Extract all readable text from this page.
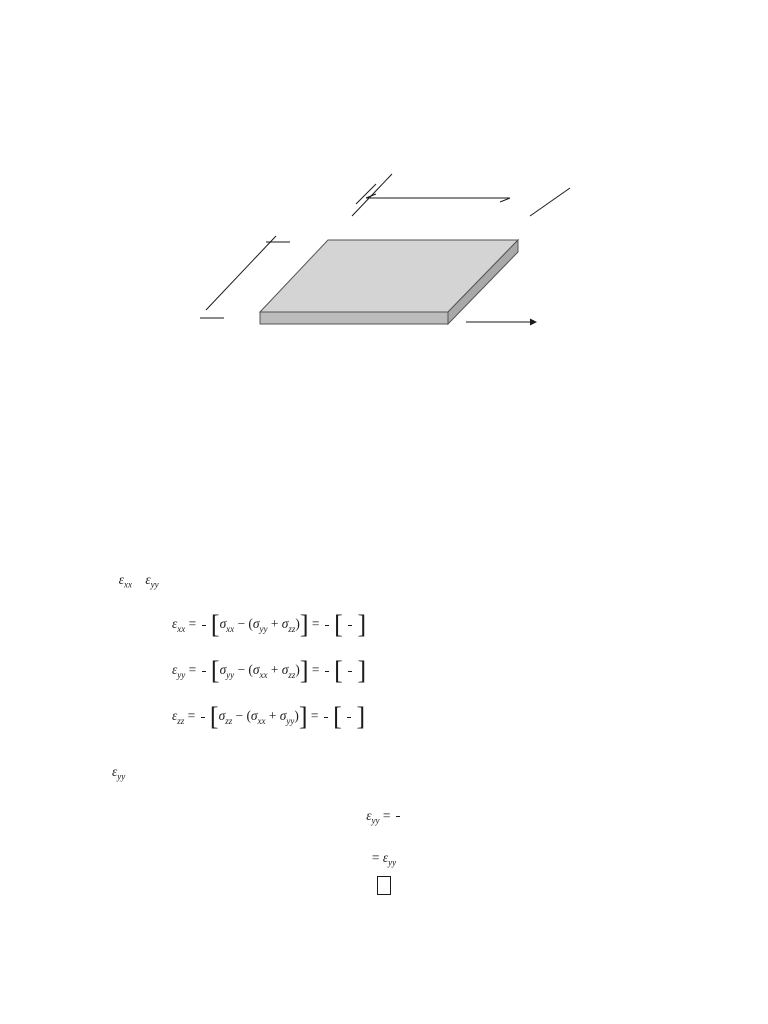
$\varepsilon_{xx}$ $\varepsilon_{yy}$
$\varepsilon_{xx}$ =
$[\sigma_{xx} - (\sigma_{yy} + \sigma_{zz})]$ =
[ ]
$\varepsilon_{yy}$ =
$[\sigma_{yy} - (\sigma_{xx} + \sigma_{zz})]$ =
[ ]
$\varepsilon_{zz}$ =
$[\sigma_{zz} - (\sigma_{xx} + \sigma_{yy})]$ =
[ ]
$\varepsilon_{yy}$
$\varepsilon_{yy}$ =
= $\varepsilon_{yy}$
